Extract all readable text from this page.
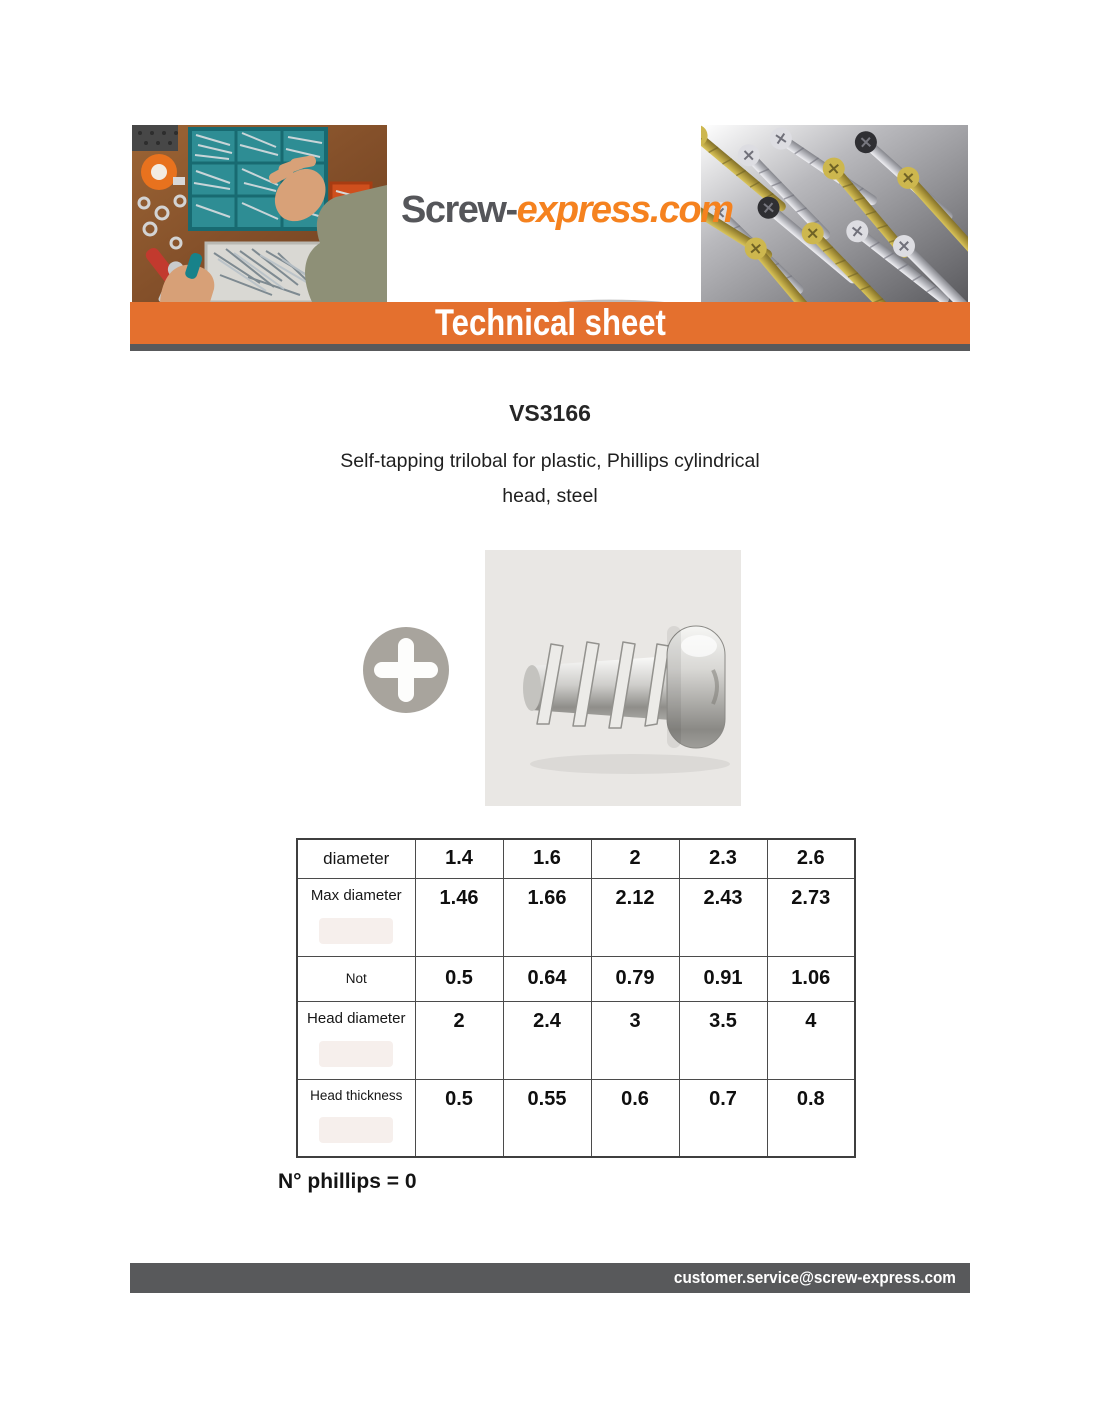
Screw-express.com
Technical sheet
VS3166
Self-tapping trilobal for plastic, Phillips cylindrical
head, steel
diameter	1.4	1.6	2	2.3	2.6
Max diameter	1.46	1.66	2.12	2.43	2.73
Not	0.5	0.64	0.79	0.91	1.06
Head diameter	2	2.4	3	3.5	4
Head thickness	0.5	0.55	0.6	0.7	0.8
N° phillips = 0
customer.service@screw-express.com
